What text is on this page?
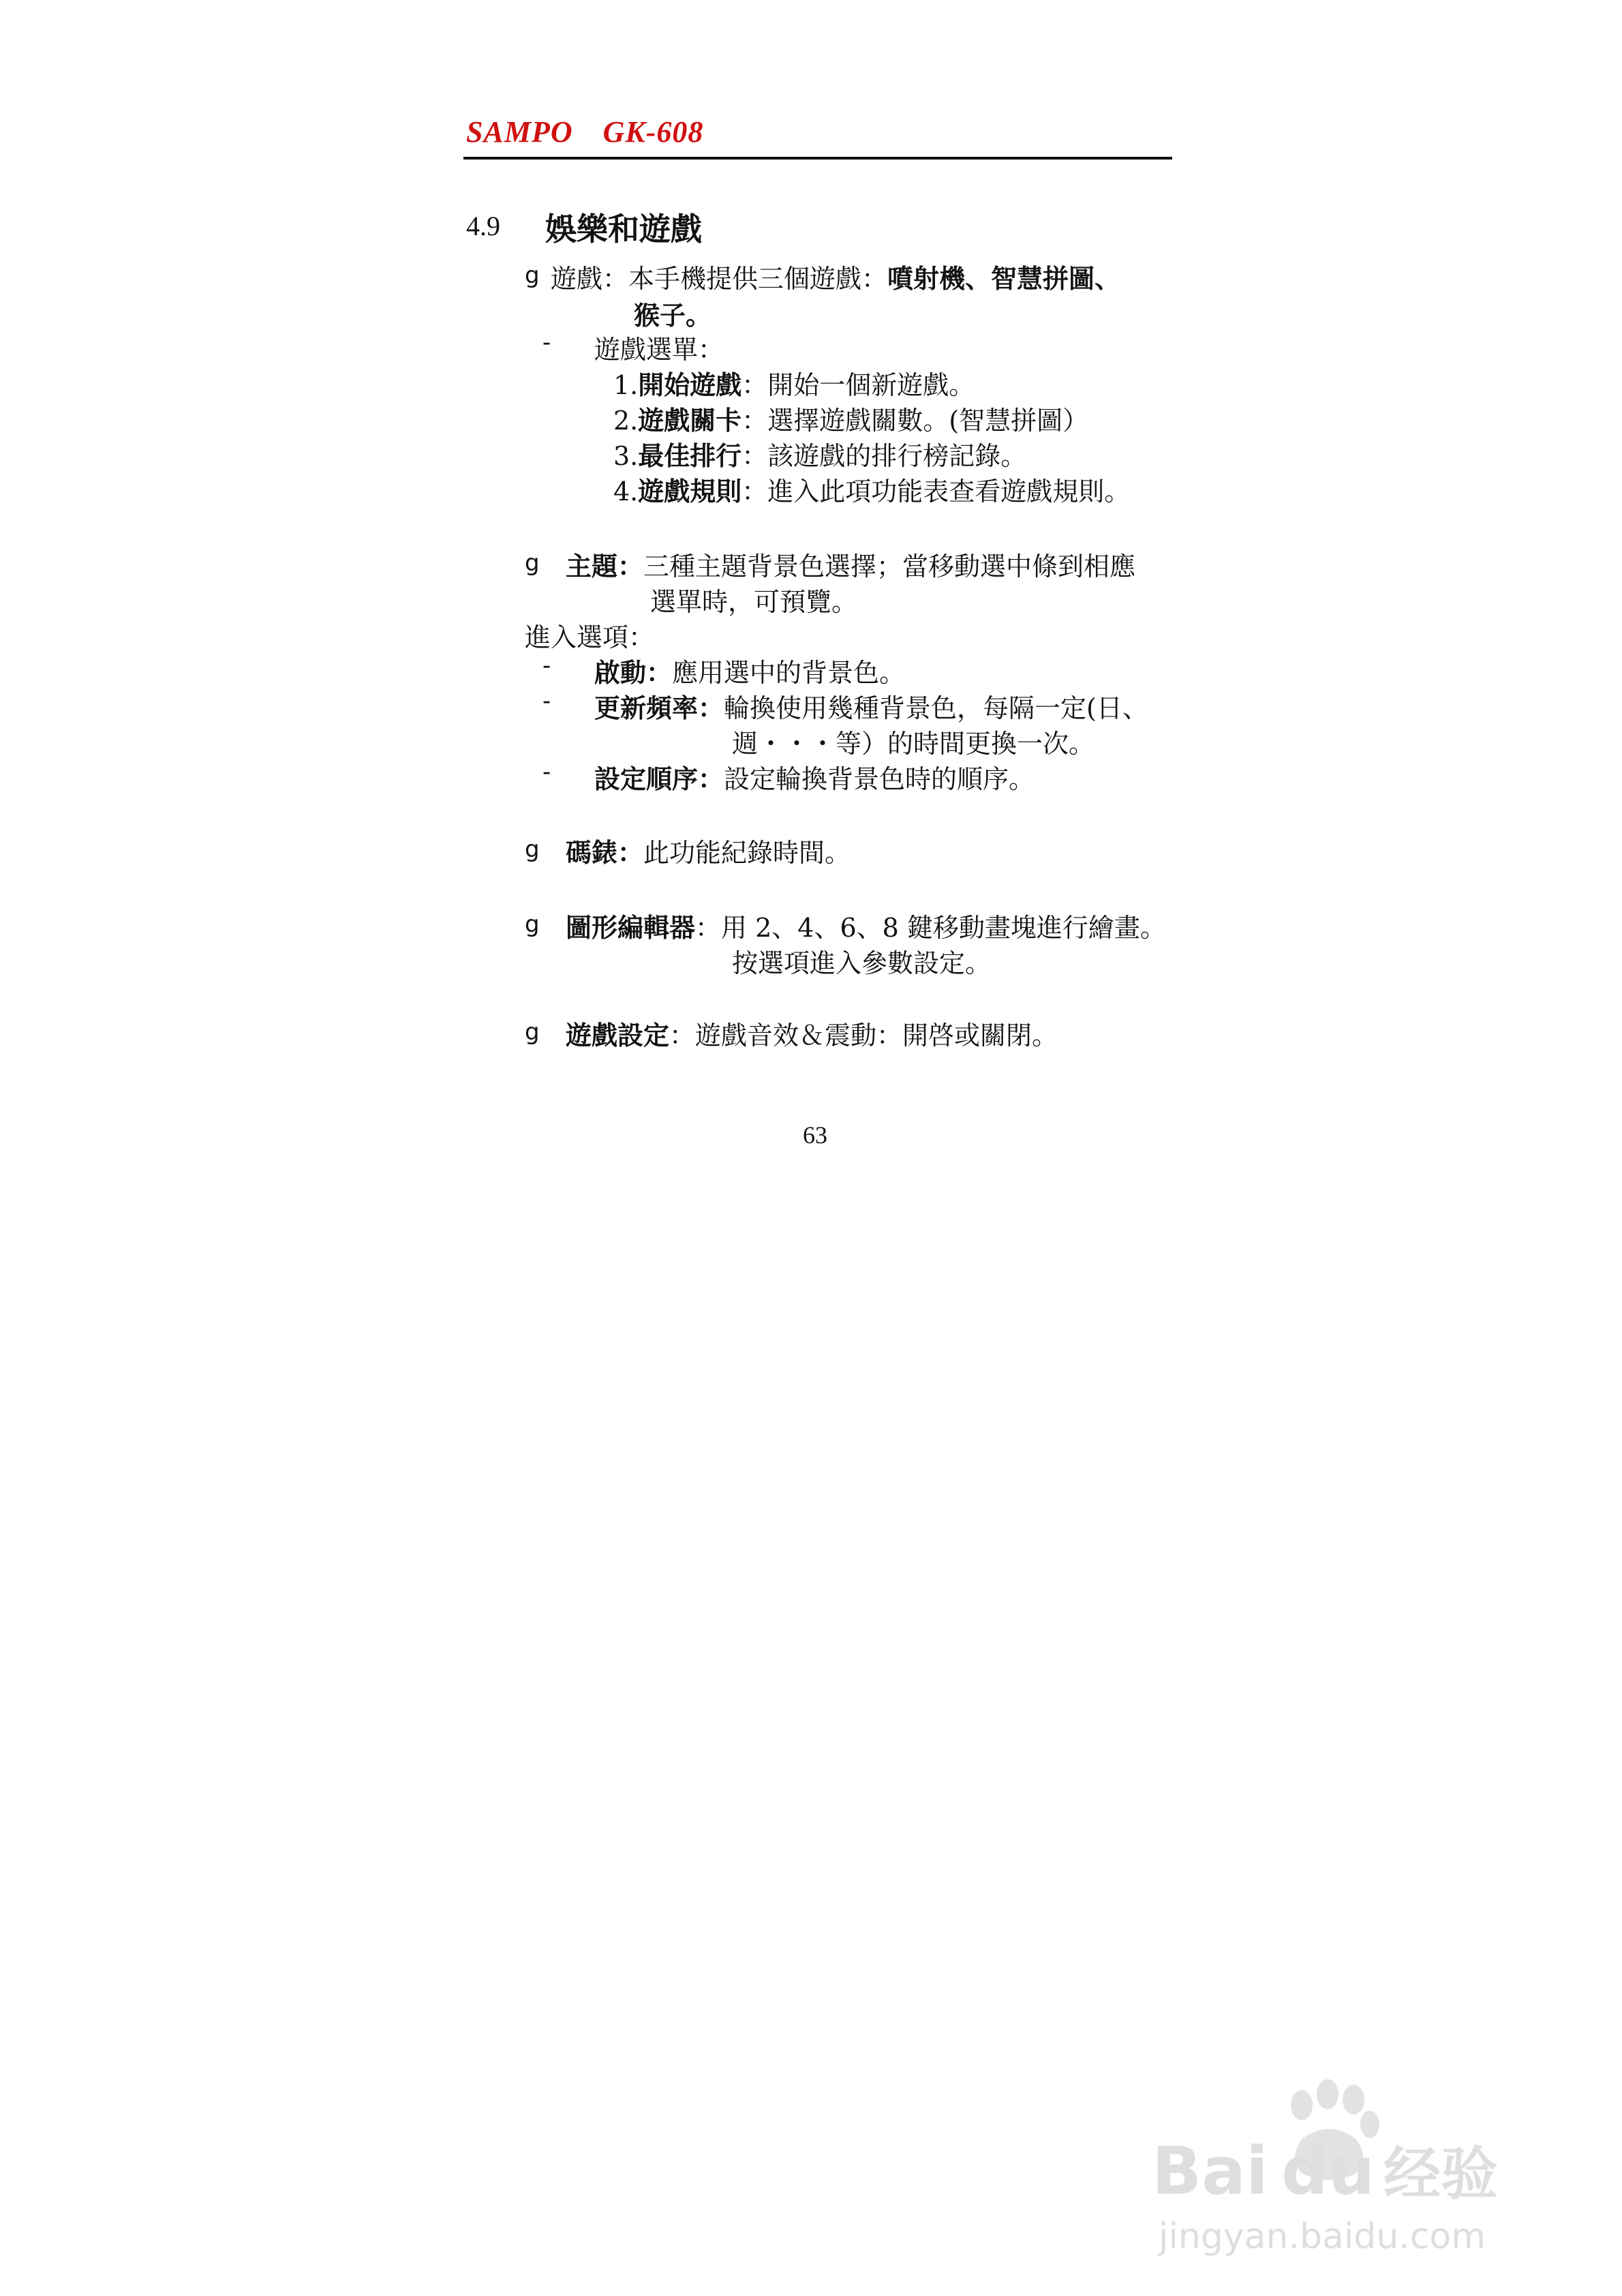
SAMPO GK-608
4.9 娛樂和遊戲
g 遊戲：本手機提供三個遊戲：噴射機、智慧拼圖、
猴子。
- 遊戲選單：
1.開始遊戲：開始一個新遊戲。
2.遊戲關卡：選擇遊戲關數。(智慧拼圖）
3.最佳排行：該遊戲的排行榜記錄。
4.遊戲規則：進入此項功能表查看遊戲規則。
g 主題：三種主題背景色選擇；當移動選中條到相應
選單時，可預覽。
進入選項：
- 啟動：應用選中的背景色。
- 更新頻率：輪換使用幾種背景色，每隔一定(日、
週・・・等）的時間更換一次。
- 設定順序：設定輪換背景色時的順序。
g 碼錶：此功能紀錄時間。
g 圖形編輯器：用 2、4、6、8 鍵移動畫塊進行繪畫。
按選項進入參數設定。
g 遊戲設定：遊戲音效＆震動：開啓或關閉。
63
Bai du 经验
jingyan.baidu.com
